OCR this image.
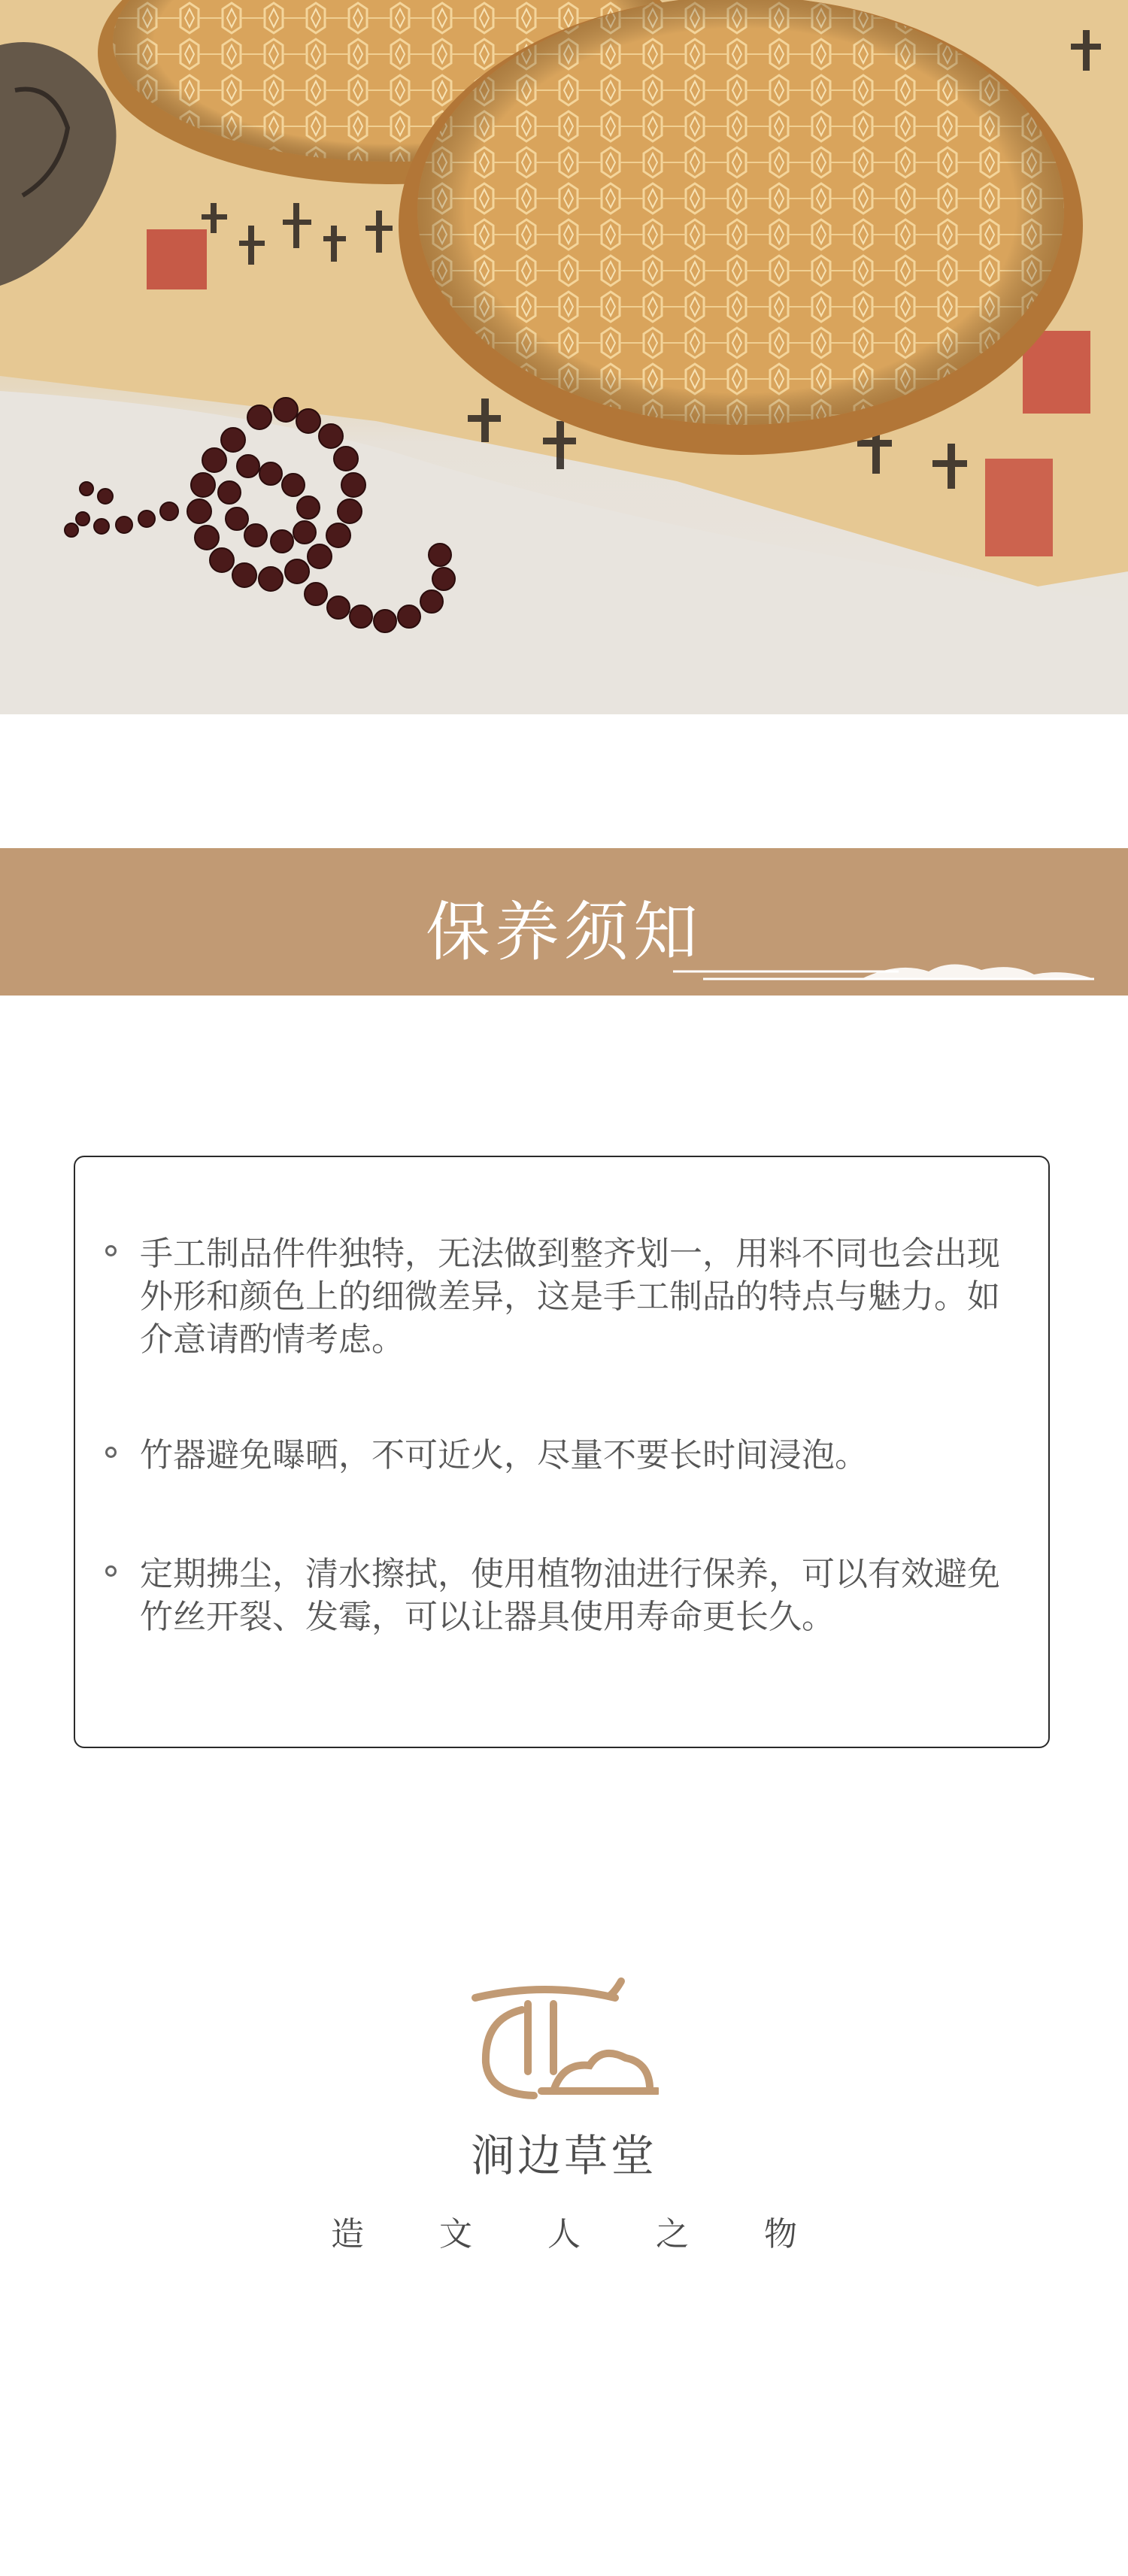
保养须知
手工制品件件独特，无法做到整齐划一，用料不同也会出现外形和颜色上的细微差异，这是手工制品的特点与魅力。如介意请酌情考虑。
竹器避免曝晒，不可近火，尽量不要长时间浸泡。
定期拂尘，清水擦拭，使用植物油进行保养，可以有效避免竹丝开裂、发霉，可以让器具使用寿命更长久。
涧边草堂
造 文 人 之 物
